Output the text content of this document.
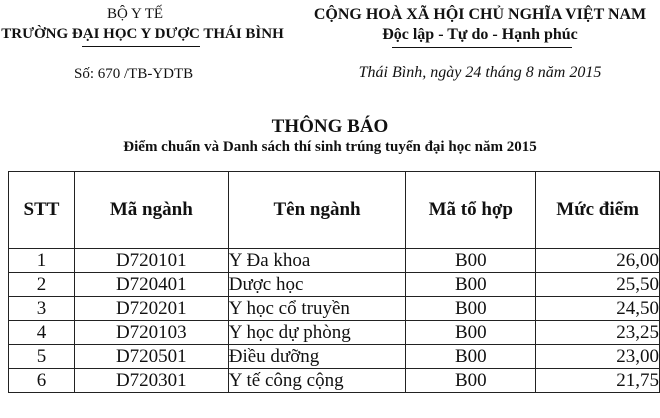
BỘ Y TẾ
TRƯỜNG ĐẠI HỌC Y DƯỢC THÁI BÌNH
Số: 670 /TB-YDTB
CỘNG HOÀ XÃ HỘI CHỦ NGHĨA VIỆT NAM
Độc lập - Tự do - Hạnh phúc
Thái Bình, ngày 24 tháng 8 năm 2015
THÔNG BÁO
Điểm chuẩn và Danh sách thí sinh trúng tuyển đại học năm 2015
STT	Mã ngành	Tên ngành	Mã tổ hợp	Mức điểm
1	D720101	Y Đa khoa	B00	26,00
2	D720401	Dược học	B00	25,50
3	D720201	Y học cổ truyền	B00	24,50
4	D720103	Y học dự phòng	B00	23,25
5	D720501	Điều dưỡng	B00	23,00
6	D720301	Y tế công cộng	B00	21,75
